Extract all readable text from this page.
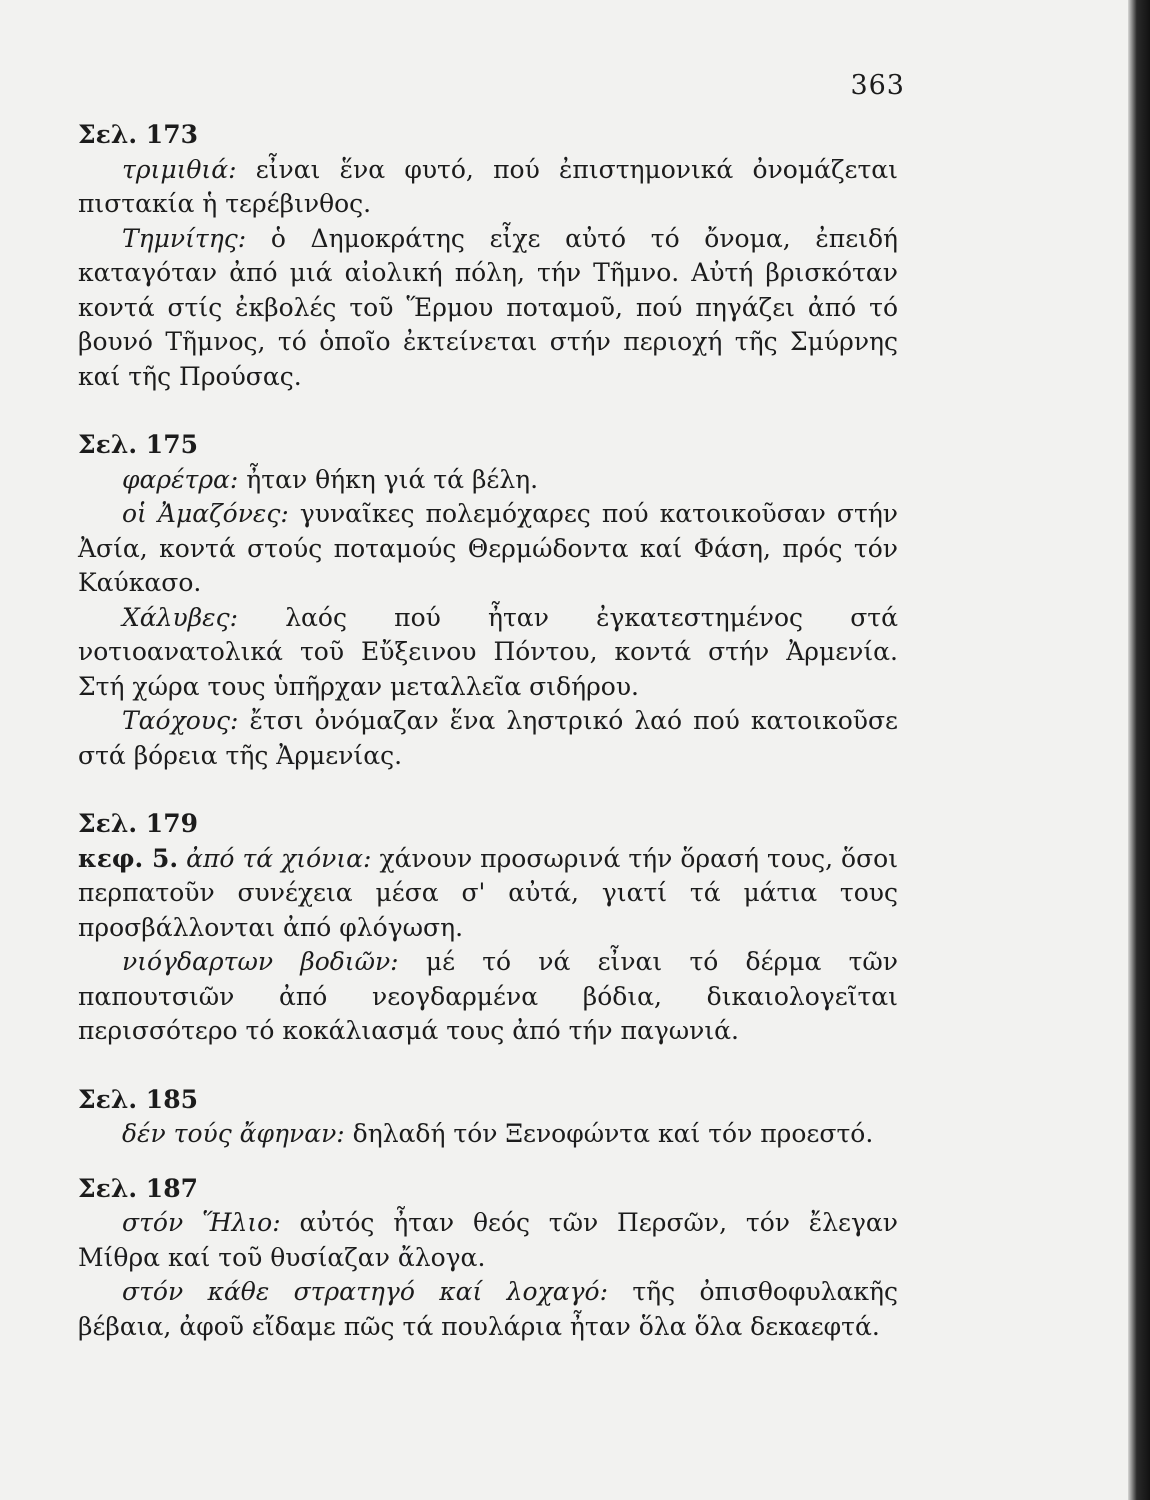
363

Σελ. 173

τριμιθιά: εἶναι ἕνα φυτό, πού ἐπιστημονικά ὀνομάζεται πιστακία ἡ τερέβινθος.

Τημνίτης: ὁ Δημοκράτης εἶχε αὐτό τό ὄνομα, ἐπειδή καταγόταν ἀπό μιά αἰολική πόλη, τήν Τῆμνο. Αὐτή βρισκόταν κοντά στίς ἐκβολές τοῦ Ἕρμου ποταμοῦ, πού πηγάζει ἀπό τό βουνό Τῆμνος, τό ὁποῖο ἐκτείνεται στήν περιοχή τῆς Σμύρνης καί τῆς Προύσας.

Σελ. 175

φαρέτρα: ἦταν θήκη γιά τά βέλη.

οἱ Ἀμαζόνες: γυναῖκες πολεμόχαρες πού κατοικοῦσαν στήν Ἀσία, κοντά στούς ποταμούς Θερμώδοντα καί Φάση, πρός τόν Καύκασο.

Χάλυβες: λαός πού ἦταν ἐγκατεστημένος στά νοτιοανατολικά τοῦ Εὔξεινου Πόντου, κοντά στήν Ἀρμενία. Στή χώρα τους ὑπῆρχαν μεταλλεῖα σιδήρου.

Ταόχους: ἔτσι ὀνόμαζαν ἕνα ληστρικό λαό πού κατοικοῦσε στά βόρεια τῆς Ἀρμενίας.

Σελ. 179

κεφ. 5. ἀπό τά χιόνια: χάνουν προσωρινά τήν ὅρασή τους, ὅσοι περπατοῦν συνέχεια μέσα σ' αὐτά, γιατί τά μάτια τους προσβάλλονται ἀπό φλόγωση.

νιόγδαρτων βοδιῶν: μέ τό νά εἶναι τό δέρμα τῶν παπουτσιῶν ἀπό νεογδαρμένα βόδια, δικαιολογεῖται περισσότερο τό κοκάλιασμά τους ἀπό τήν παγωνιά.

Σελ. 185

δέν τούς ἄφηναν: δηλαδή τόν Ξενοφώντα καί τόν προεστό.

Σελ. 187

στόν Ἥλιο: αὐτός ἦταν θεός τῶν Περσῶν, τόν ἔλεγαν Μίθρα καί τοῦ θυσίαζαν ἄλογα.

στόν κάθε στρατηγό καί λοχαγό: τῆς ὀπισθοφυλακῆς βέβαια, ἀφοῦ εἴδαμε πῶς τά πουλάρια ἦταν ὅλα ὅλα δεκαεφτά.
